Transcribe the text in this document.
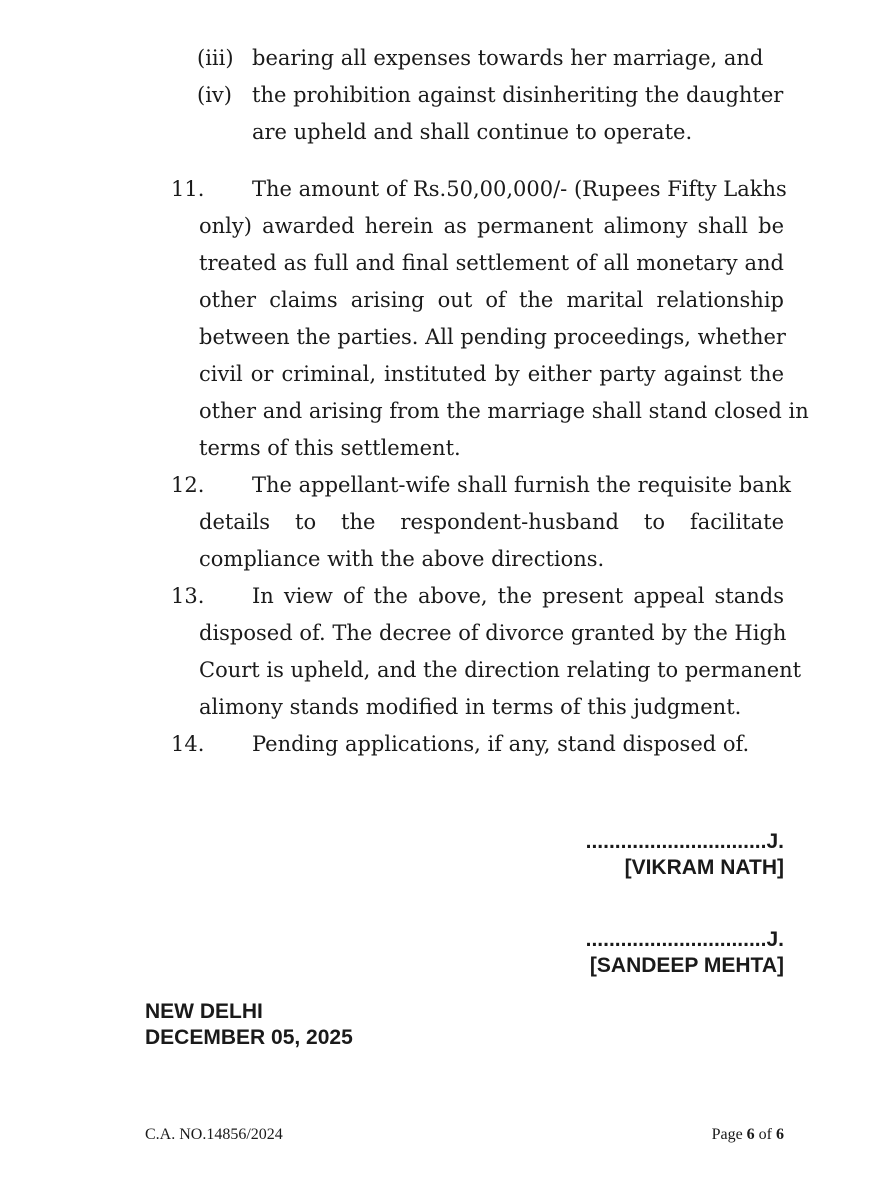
(iii) bearing all expenses towards her marriage, and
(iv) the prohibition against disinheriting the daughter
are upheld and shall continue to operate.
11. The amount of Rs.50,00,000/- (Rupees Fifty Lakhs
only) awarded herein as permanent alimony shall be
treated as full and final settlement of all monetary and
other claims arising out of the marital relationship
between the parties. All pending proceedings, whether
civil or criminal, instituted by either party against the
other and arising from the marriage shall stand closed in
terms of this settlement.
12. The appellant-wife shall furnish the requisite bank
details to the respondent-husband to facilitate
compliance with the above directions.
13. In view of the above, the present appeal stands
disposed of. The decree of divorce granted by the High
Court is upheld, and the direction relating to permanent
alimony stands modified in terms of this judgment.
14. Pending applications, if any, stand disposed of.
...............................J.
[VIKRAM NATH]
...............................J.
[SANDEEP MEHTA]
NEW DELHI
DECEMBER 05, 2025
C.A. NO.14856/2024	Page 6 of 6
